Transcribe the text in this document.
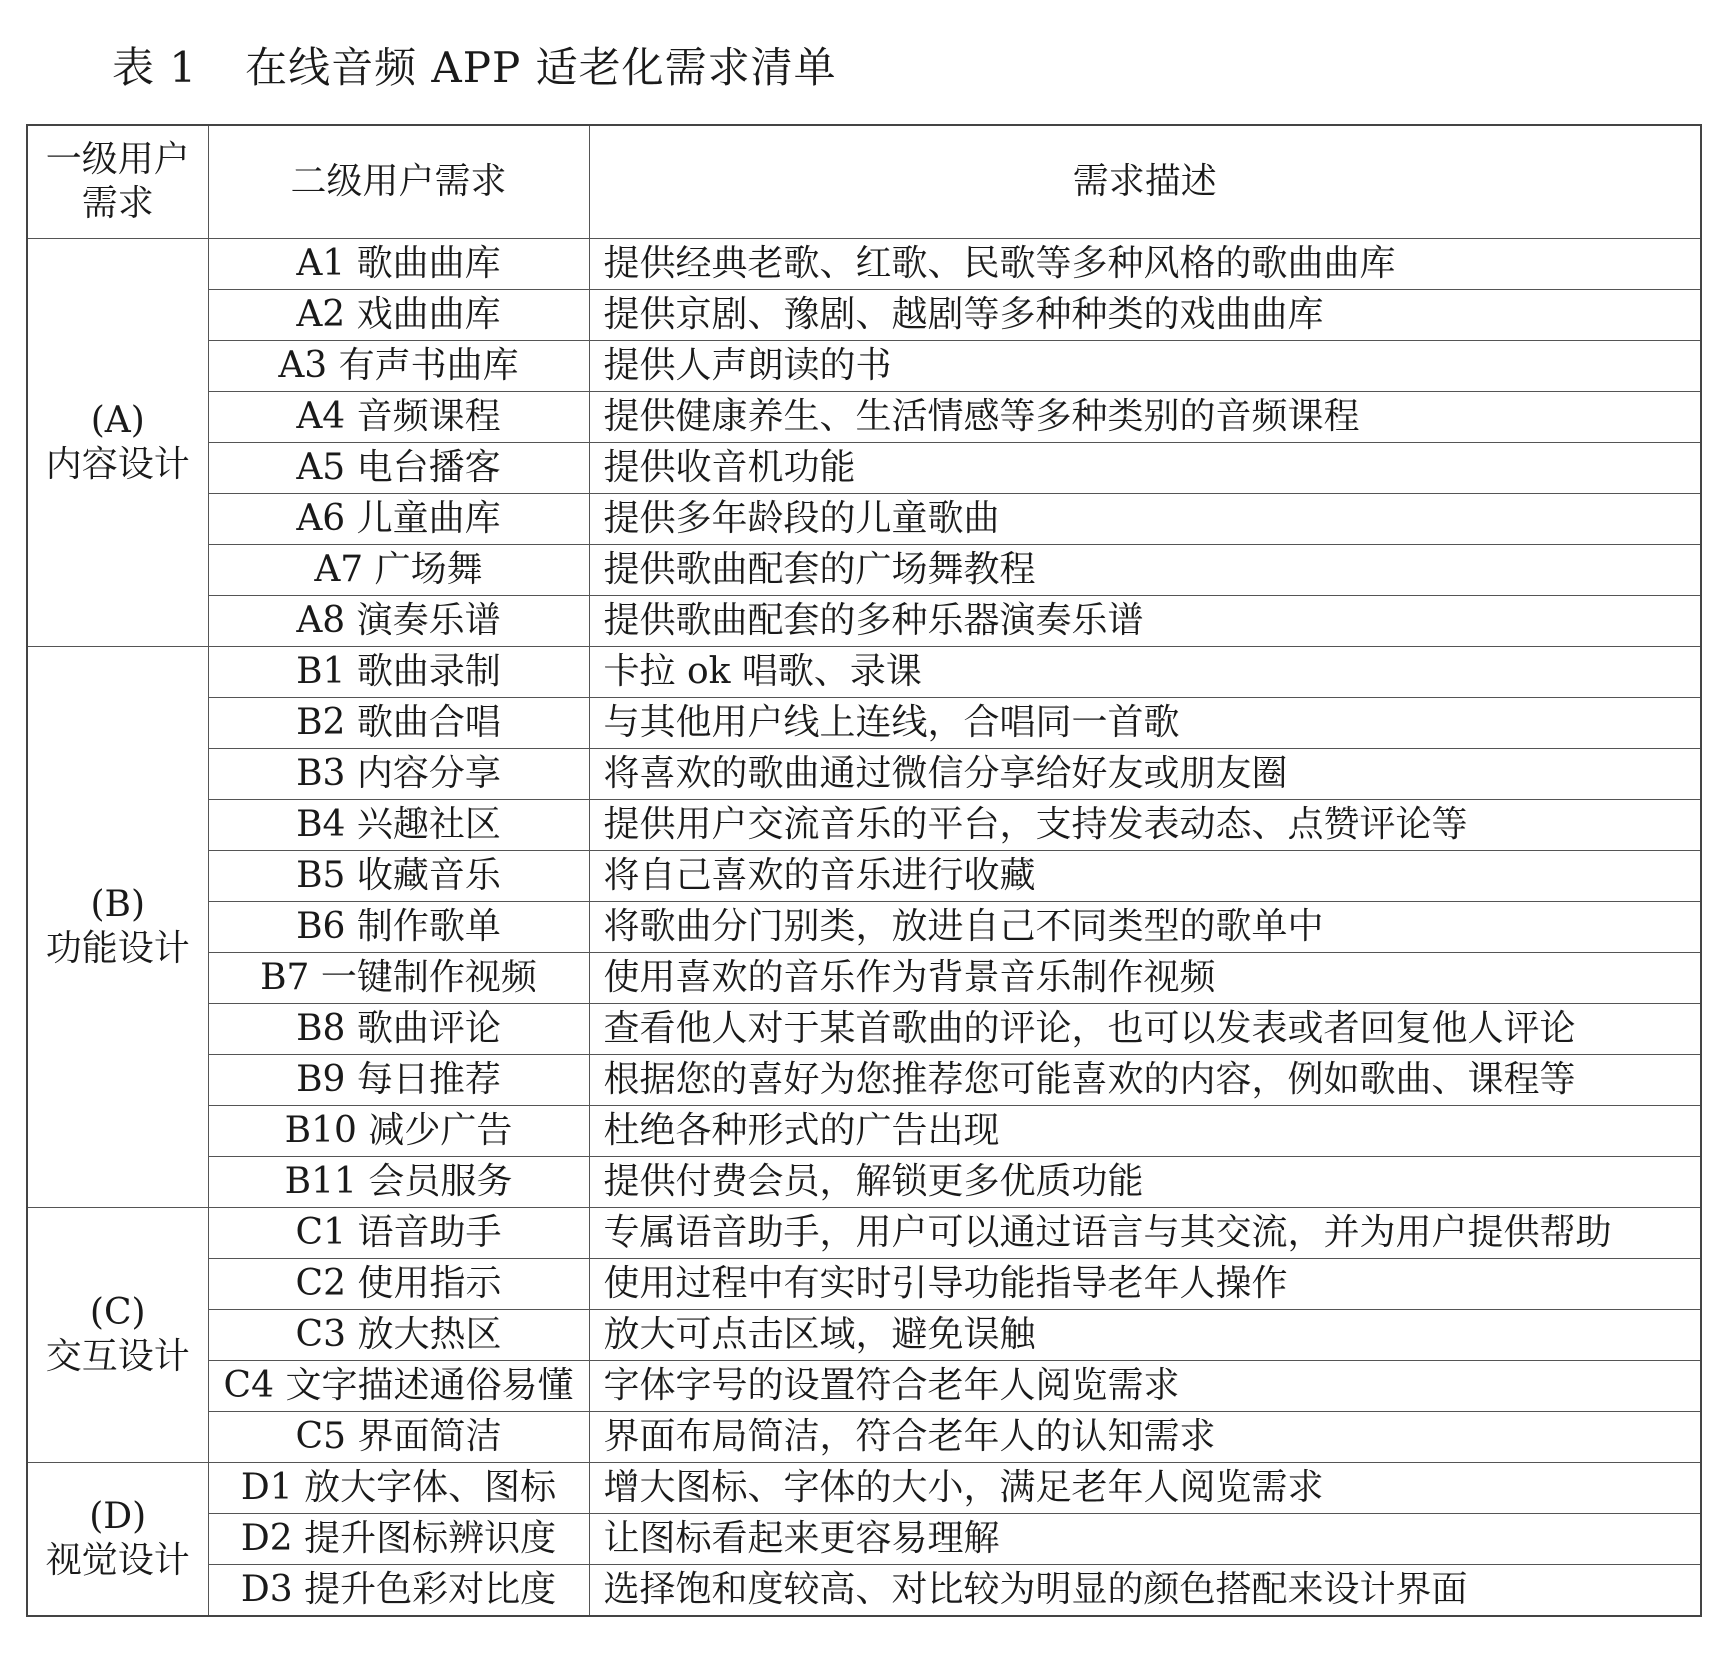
表 1 在线音频 APP 适老化需求清单
一级用户
需求	二级用户需求	需求描述

(A)
内容设计	A1 歌曲曲库	提供经典老歌、红歌、民歌等多种风格的歌曲曲库
	A2 戏曲曲库	提供京剧、豫剧、越剧等多种种类的戏曲曲库
	A3 有声书曲库	提供人声朗读的书
	A4 音频课程	提供健康养生、生活情感等多种类别的音频课程
	A5 电台播客	提供收音机功能
	A6 儿童曲库	提供多年龄段的儿童歌曲
	A7 广场舞	提供歌曲配套的广场舞教程
	A8 演奏乐谱	提供歌曲配套的多种乐器演奏乐谱

(B)
功能设计	B1 歌曲录制	卡拉 ok 唱歌、录课
	B2 歌曲合唱	与其他用户线上连线，合唱同一首歌
	B3 内容分享	将喜欢的歌曲通过微信分享给好友或朋友圈
	B4 兴趣社区	提供用户交流音乐的平台，支持发表动态、点赞评论等
	B5 收藏音乐	将自己喜欢的音乐进行收藏
	B6 制作歌单	将歌曲分门别类，放进自己不同类型的歌单中
	B7 一键制作视频	使用喜欢的音乐作为背景音乐制作视频
	B8 歌曲评论	查看他人对于某首歌曲的评论，也可以发表或者回复他人评论
	B9 每日推荐	根据您的喜好为您推荐您可能喜欢的内容，例如歌曲、课程等
	B10 减少广告	杜绝各种形式的广告出现
	B11 会员服务	提供付费会员，解锁更多优质功能

(C)
交互设计	C1 语音助手	专属语音助手，用户可以通过语言与其交流，并为用户提供帮助
	C2 使用指示	使用过程中有实时引导功能指导老年人操作
	C3 放大热区	放大可点击区域，避免误触
	C4 文字描述通俗易懂	字体字号的设置符合老年人阅览需求
	C5 界面简洁	界面布局简洁，符合老年人的认知需求

(D)
视觉设计	D1 放大字体、图标	增大图标、字体的大小，满足老年人阅览需求
	D2 提升图标辨识度	让图标看起来更容易理解
	D3 提升色彩对比度	选择饱和度较高、对比较为明显的颜色搭配来设计界面
